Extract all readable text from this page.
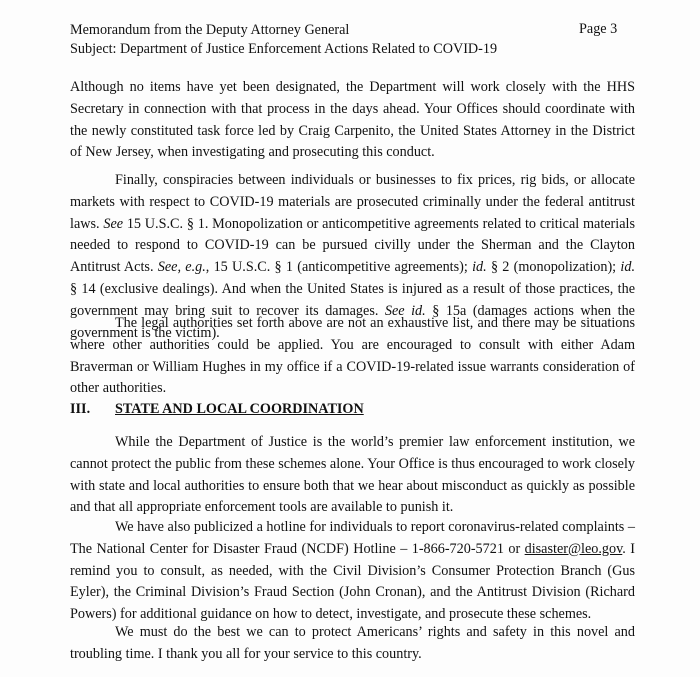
Memorandum from the Deputy Attorney General
Subject: Department of Justice Enforcement Actions Related to COVID-19
Page 3

Although no items have yet been designated, the Department will work closely with the HHS Secretary in connection with that process in the days ahead. Your Offices should coordinate with the newly constituted task force led by Craig Carpenito, the United States Attorney in the District of New Jersey, when investigating and prosecuting this conduct.

Finally, conspiracies between individuals or businesses to fix prices, rig bids, or allocate markets with respect to COVID-19 materials are prosecuted criminally under the federal antitrust laws. See 15 U.S.C. § 1. Monopolization or anticompetitive agreements related to critical materials needed to respond to COVID-19 can be pursued civilly under the Sherman and the Clayton Antitrust Acts. See, e.g., 15 U.S.C. § 1 (anticompetitive agreements); id. § 2 (monopolization); id. § 14 (exclusive dealings). And when the United States is injured as a result of those practices, the government may bring suit to recover its damages. See id. § 15a (damages actions when the government is the victim).

The legal authorities set forth above are not an exhaustive list, and there may be situations where other authorities could be applied. You are encouraged to consult with either Adam Braverman or William Hughes in my office if a COVID-19-related issue warrants consideration of other authorities.

III. STATE AND LOCAL COORDINATION

While the Department of Justice is the world’s premier law enforcement institution, we cannot protect the public from these schemes alone. Your Office is thus encouraged to work closely with state and local authorities to ensure both that we hear about misconduct as quickly as possible and that all appropriate enforcement tools are available to punish it.

We have also publicized a hotline for individuals to report coronavirus-related complaints – The National Center for Disaster Fraud (NCDF) Hotline – 1-866-720-5721 or disaster@leo.gov. I remind you to consult, as needed, with the Civil Division’s Consumer Protection Branch (Gus Eyler), the Criminal Division’s Fraud Section (John Cronan), and the Antitrust Division (Richard Powers) for additional guidance on how to detect, investigate, and prosecute these schemes.

We must do the best we can to protect Americans’ rights and safety in this novel and troubling time. I thank you all for your service to this country.
